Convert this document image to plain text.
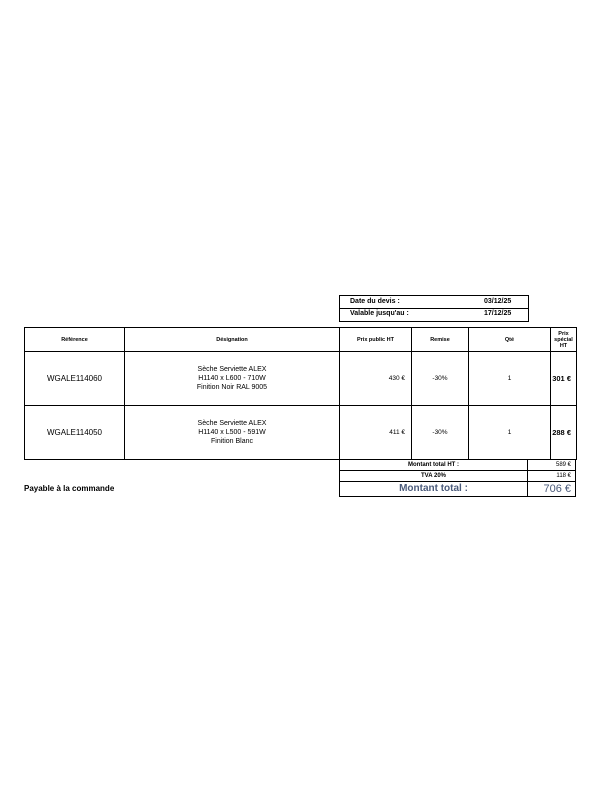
Date du devis :	03/12/25
Valable jusqu'au :	17/12/25
Référence	Désignation	Prix public HT	Remise	Qté	Prix spécial HT
WGALE114060	Sèche Serviette ALEX
H1140 x L600 - 710W
Finition Noir RAL 9005	430 €	-30%	1	301 €
WGALE114050	Sèche Serviette ALEX
H1140 x L500 - 591W
Finition Blanc	411 €	-30%	1	288 €
Montant total HT :	589 €
TVA 20%	118 €
Montant total :	706 €
Payable à la commande
